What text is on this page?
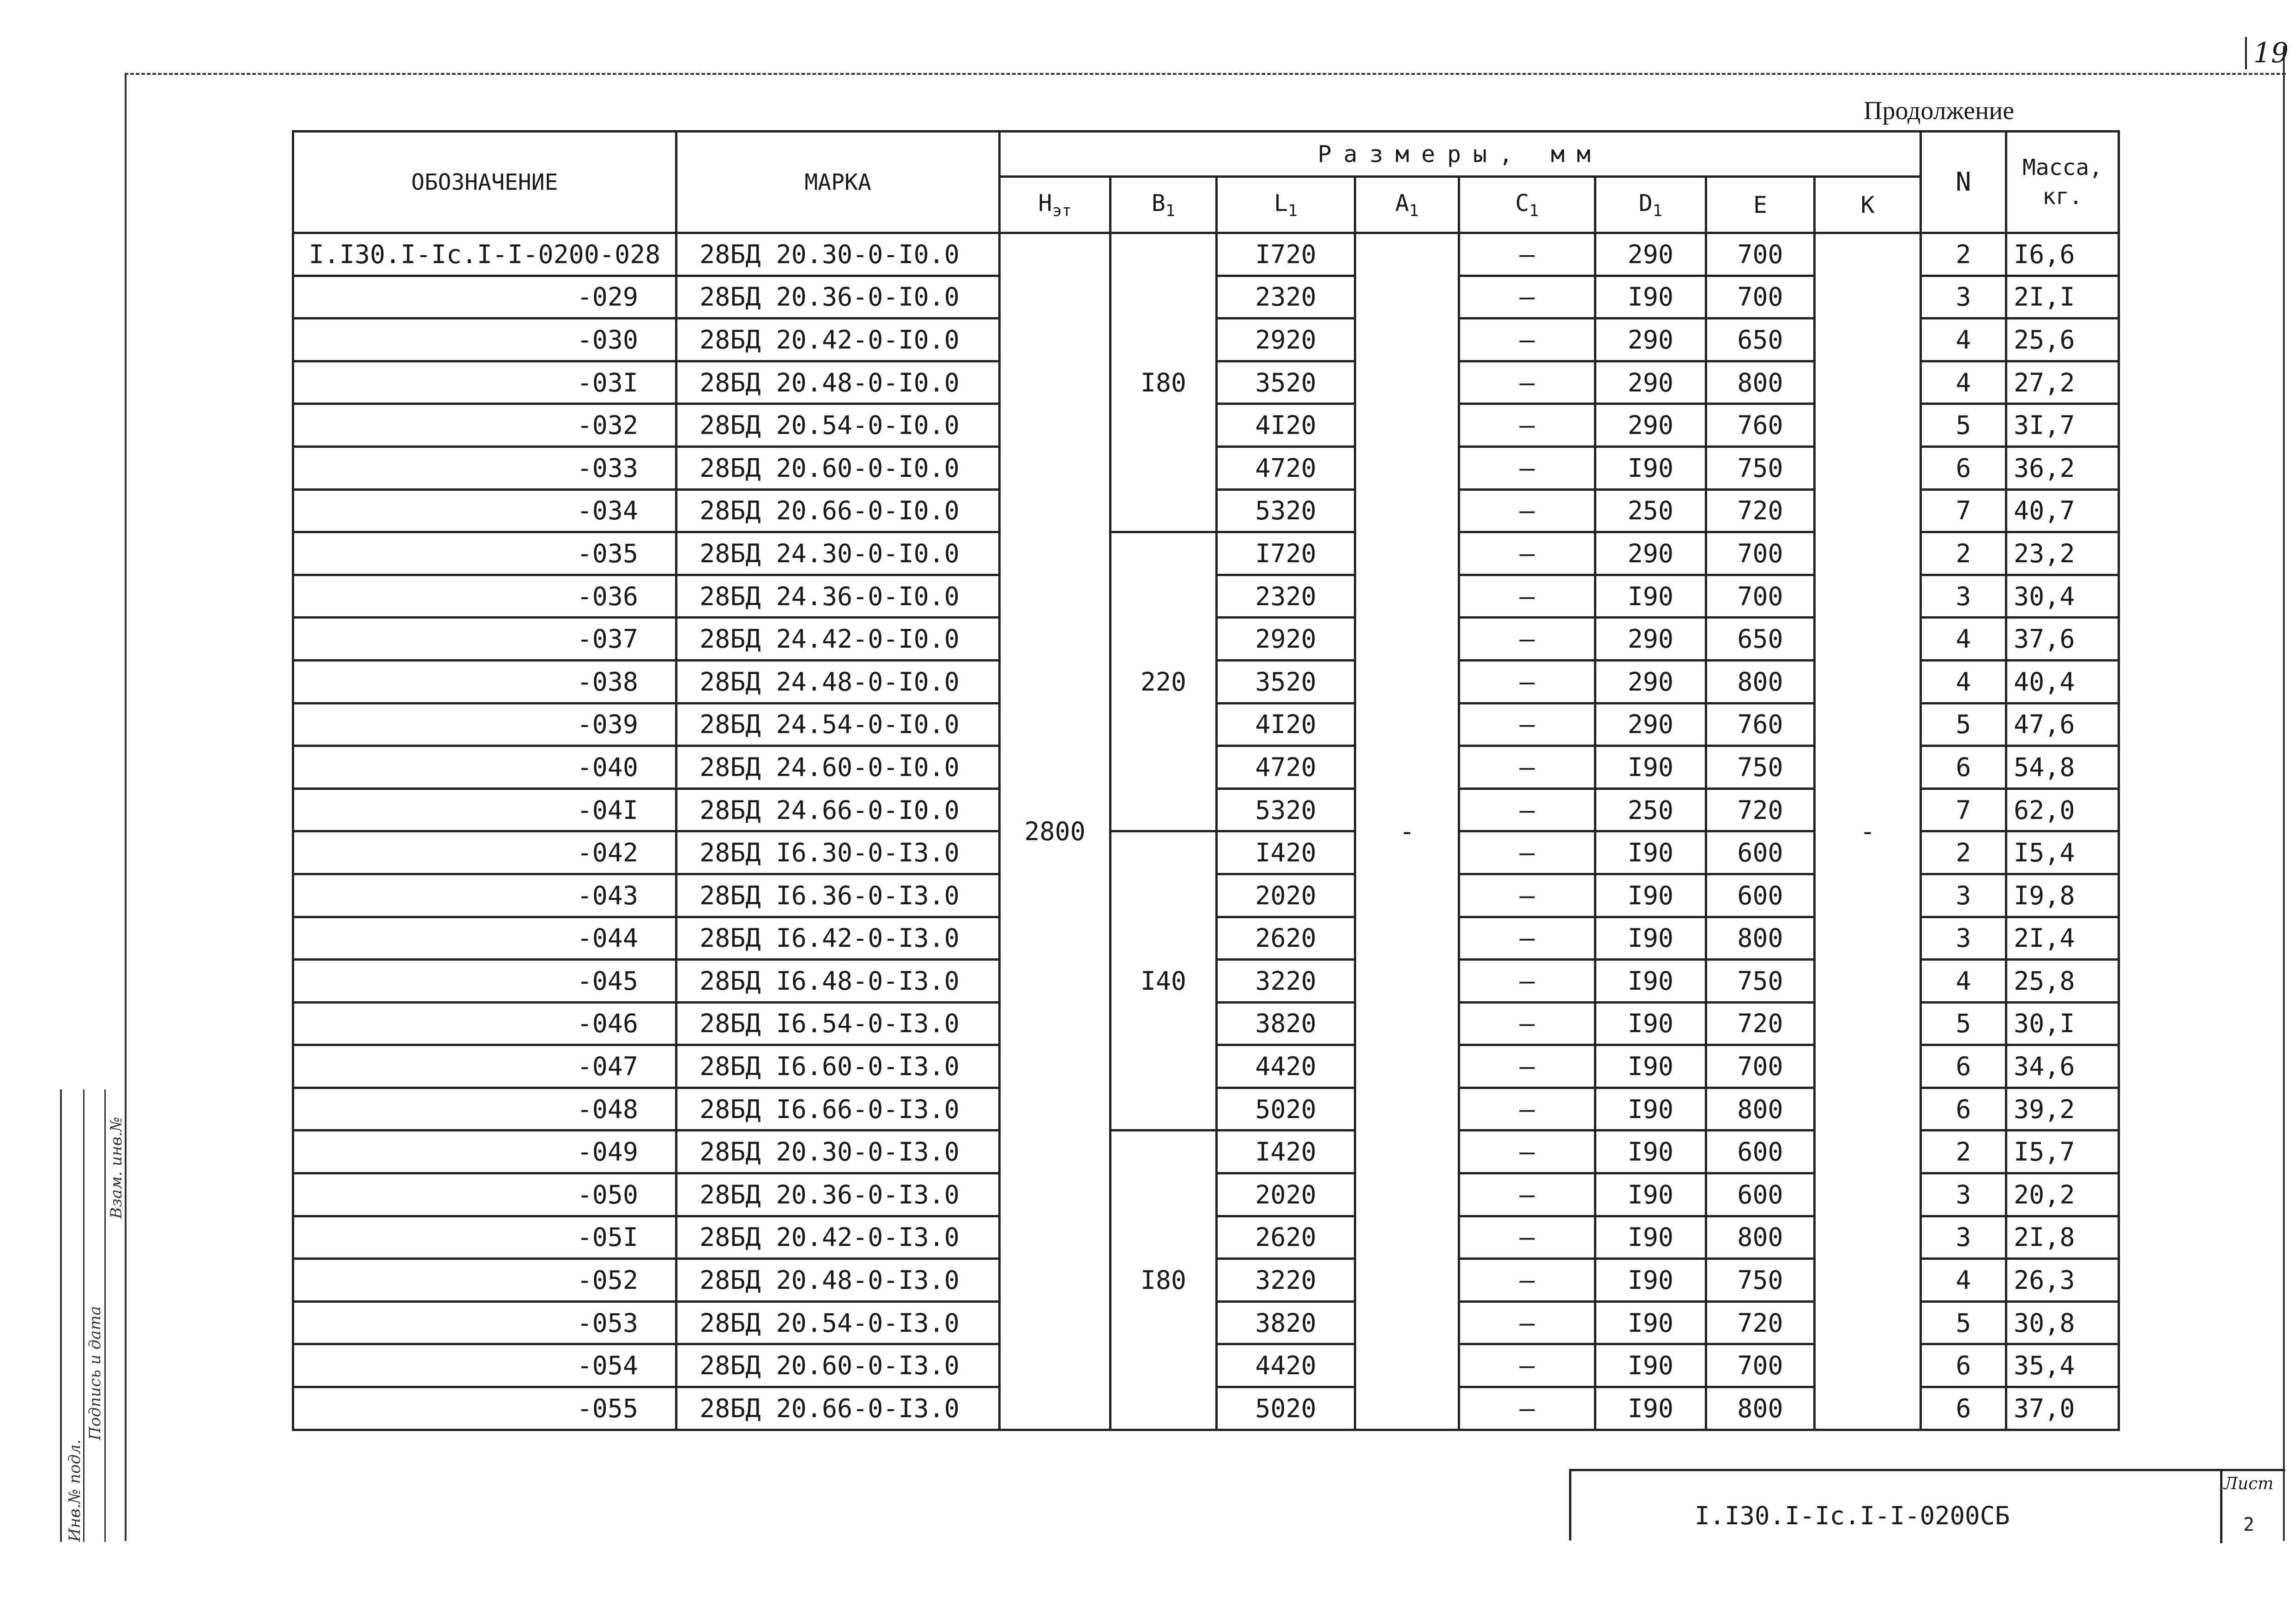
19
Продолжение
ОБОЗНАЧЕНИЕ	МАРКА	Размеры, мм								N	Масса, кг.
		$H_{эт}$	$B_1$	$L_1$	$A_1$	$C_1$	$D_1$	E	K		
I.I30.I-Ic.I-I-0200-028	28БД 20.30-0-I0.0	2800	I80	I720	-	–	290	700	-	2	I6,6
-029	28БД 20.36-0-I0.0			2320		–	I90	700		3	2I,I
-030	28БД 20.42-0-I0.0			2920		–	290	650		4	25,6
-03I	28БД 20.48-0-I0.0			3520		–	290	800		4	27,2
-032	28БД 20.54-0-I0.0			4I20		–	290	760		5	3I,7
-033	28БД 20.60-0-I0.0			4720		–	I90	750		6	36,2
-034	28БД 20.66-0-I0.0			5320		–	250	720		7	40,7
-035	28БД 24.30-0-I0.0		220	I720		–	290	700		2	23,2
-036	28БД 24.36-0-I0.0			2320		–	I90	700		3	30,4
-037	28БД 24.42-0-I0.0			2920		–	290	650		4	37,6
-038	28БД 24.48-0-I0.0			3520		–	290	800		4	40,4
-039	28БД 24.54-0-I0.0			4I20		–	290	760		5	47,6
-040	28БД 24.60-0-I0.0			4720		–	I90	750		6	54,8
-04I	28БД 24.66-0-I0.0			5320		–	250	720		7	62,0
-042	28БД I6.30-0-I3.0		I40	I420		–	I90	600		2	I5,4
-043	28БД I6.36-0-I3.0			2020		–	I90	600		3	I9,8
-044	28БД I6.42-0-I3.0			2620		–	I90	800		3	2I,4
-045	28БД I6.48-0-I3.0			3220		–	I90	750		4	25,8
-046	28БД I6.54-0-I3.0			3820		–	I90	720		5	30,I
-047	28БД I6.60-0-I3.0			4420		–	I90	700		6	34,6
-048	28БД I6.66-0-I3.0			5020		–	I90	800		6	39,2
-049	28БД 20.30-0-I3.0		I80	I420		–	I90	600		2	I5,7
-050	28БД 20.36-0-I3.0			2020		–	I90	600		3	20,2
-05I	28БД 20.42-0-I3.0			2620		–	I90	800		3	2I,8
-052	28БД 20.48-0-I3.0			3220		–	I90	750		4	26,3
-053	28БД 20.54-0-I3.0			3820		–	I90	720		5	30,8
-054	28БД 20.60-0-I3.0			4420		–	I90	700		6	35,4
-055	28БД 20.66-0-I3.0			5020		–	I90	800		6	37,0
I.I30.I-Ic.I-I-0200СБ
Лист
2
Инв.№ подл.
Подпись и дата
Взам. инв.№
